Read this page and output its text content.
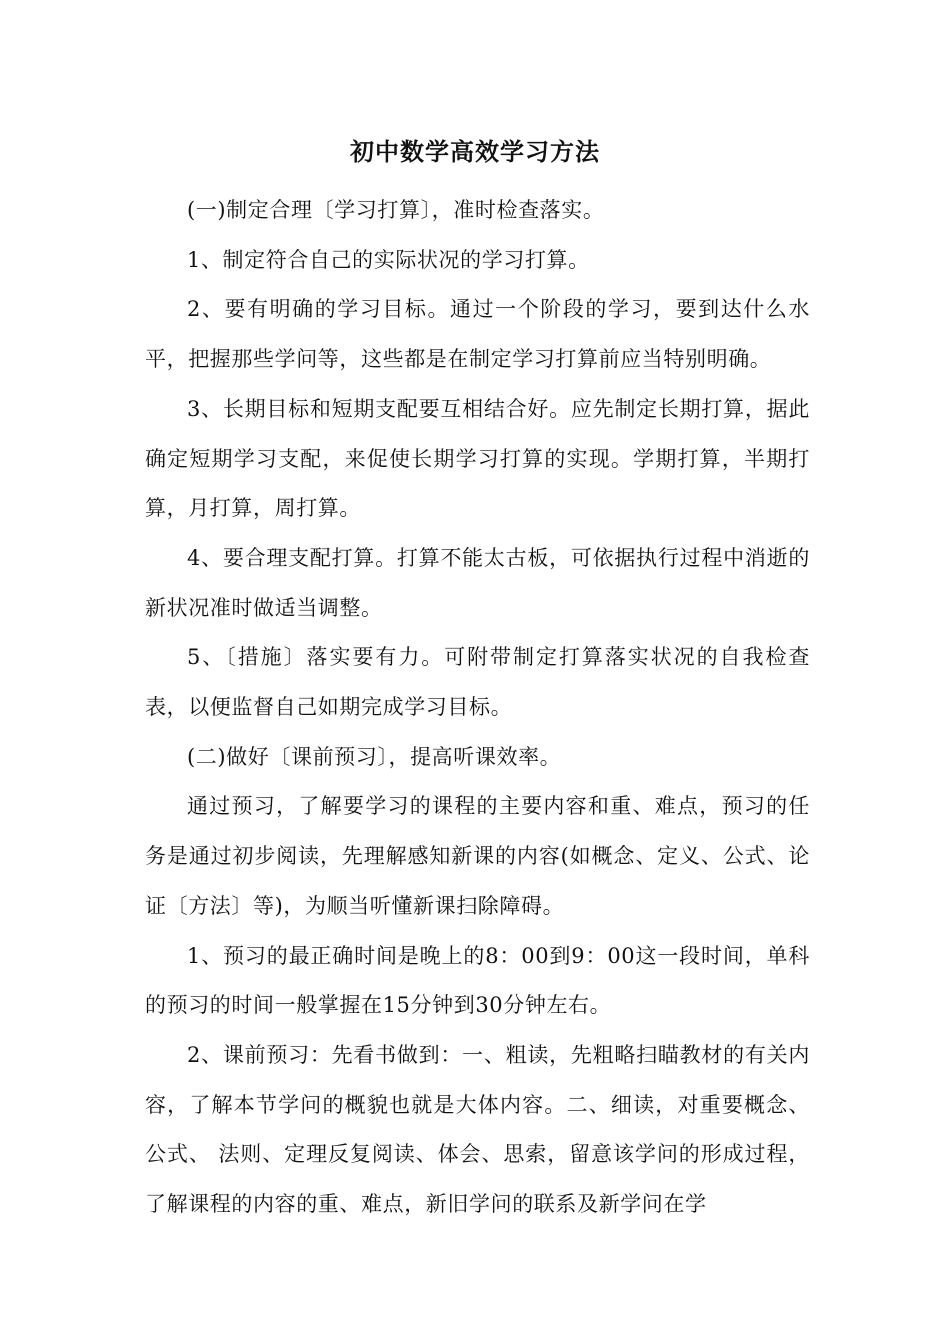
初中数学高效学习方法

(一)制定合理〔学习打算〕，准时检查落实。

1、制定符合自己的实际状况的学习打算。

2、要有明确的学习目标。通过一个阶段的学习，要到达什么水平，把握那些学问等，这些都是在制定学习打算前应当特别明确。

3、长期目标和短期支配要互相结合好。应先制定长期打算，据此确定短期学习支配，来促使长期学习打算的实现。学期打算，半期打算，月打算，周打算。

4、要合理支配打算。打算不能太古板，可依据执行过程中消逝的新状况准时做适当调整。

5、〔措施〕落实要有力。可附带制定打算落实状况的自我检查表，以便监督自己如期完成学习目标。

(二)做好〔课前预习〕，提高听课效率。

通过预习，了解要学习的课程的主要内容和重、难点，预习的任务是通过初步阅读，先理解感知新课的内容(如概念、定义、公式、论证〔方法〕等)，为顺当听懂新课扫除障碍。

1、预习的最正确时间是晚上的8：00到9：00这一段时间，单科的预习的时间一般掌握在15分钟到30分钟左右。

2、课前预习：先看书做到：一、粗读，先粗略扫瞄教材的有关内容，了解本节学问的概貌也就是大体内容。二、细读，对重要概念、公式、 法则、定理反复阅读、体会、思索，留意该学问的形成过程，了解课程的内容的重、难点，新旧学问的联系及新学问在学
